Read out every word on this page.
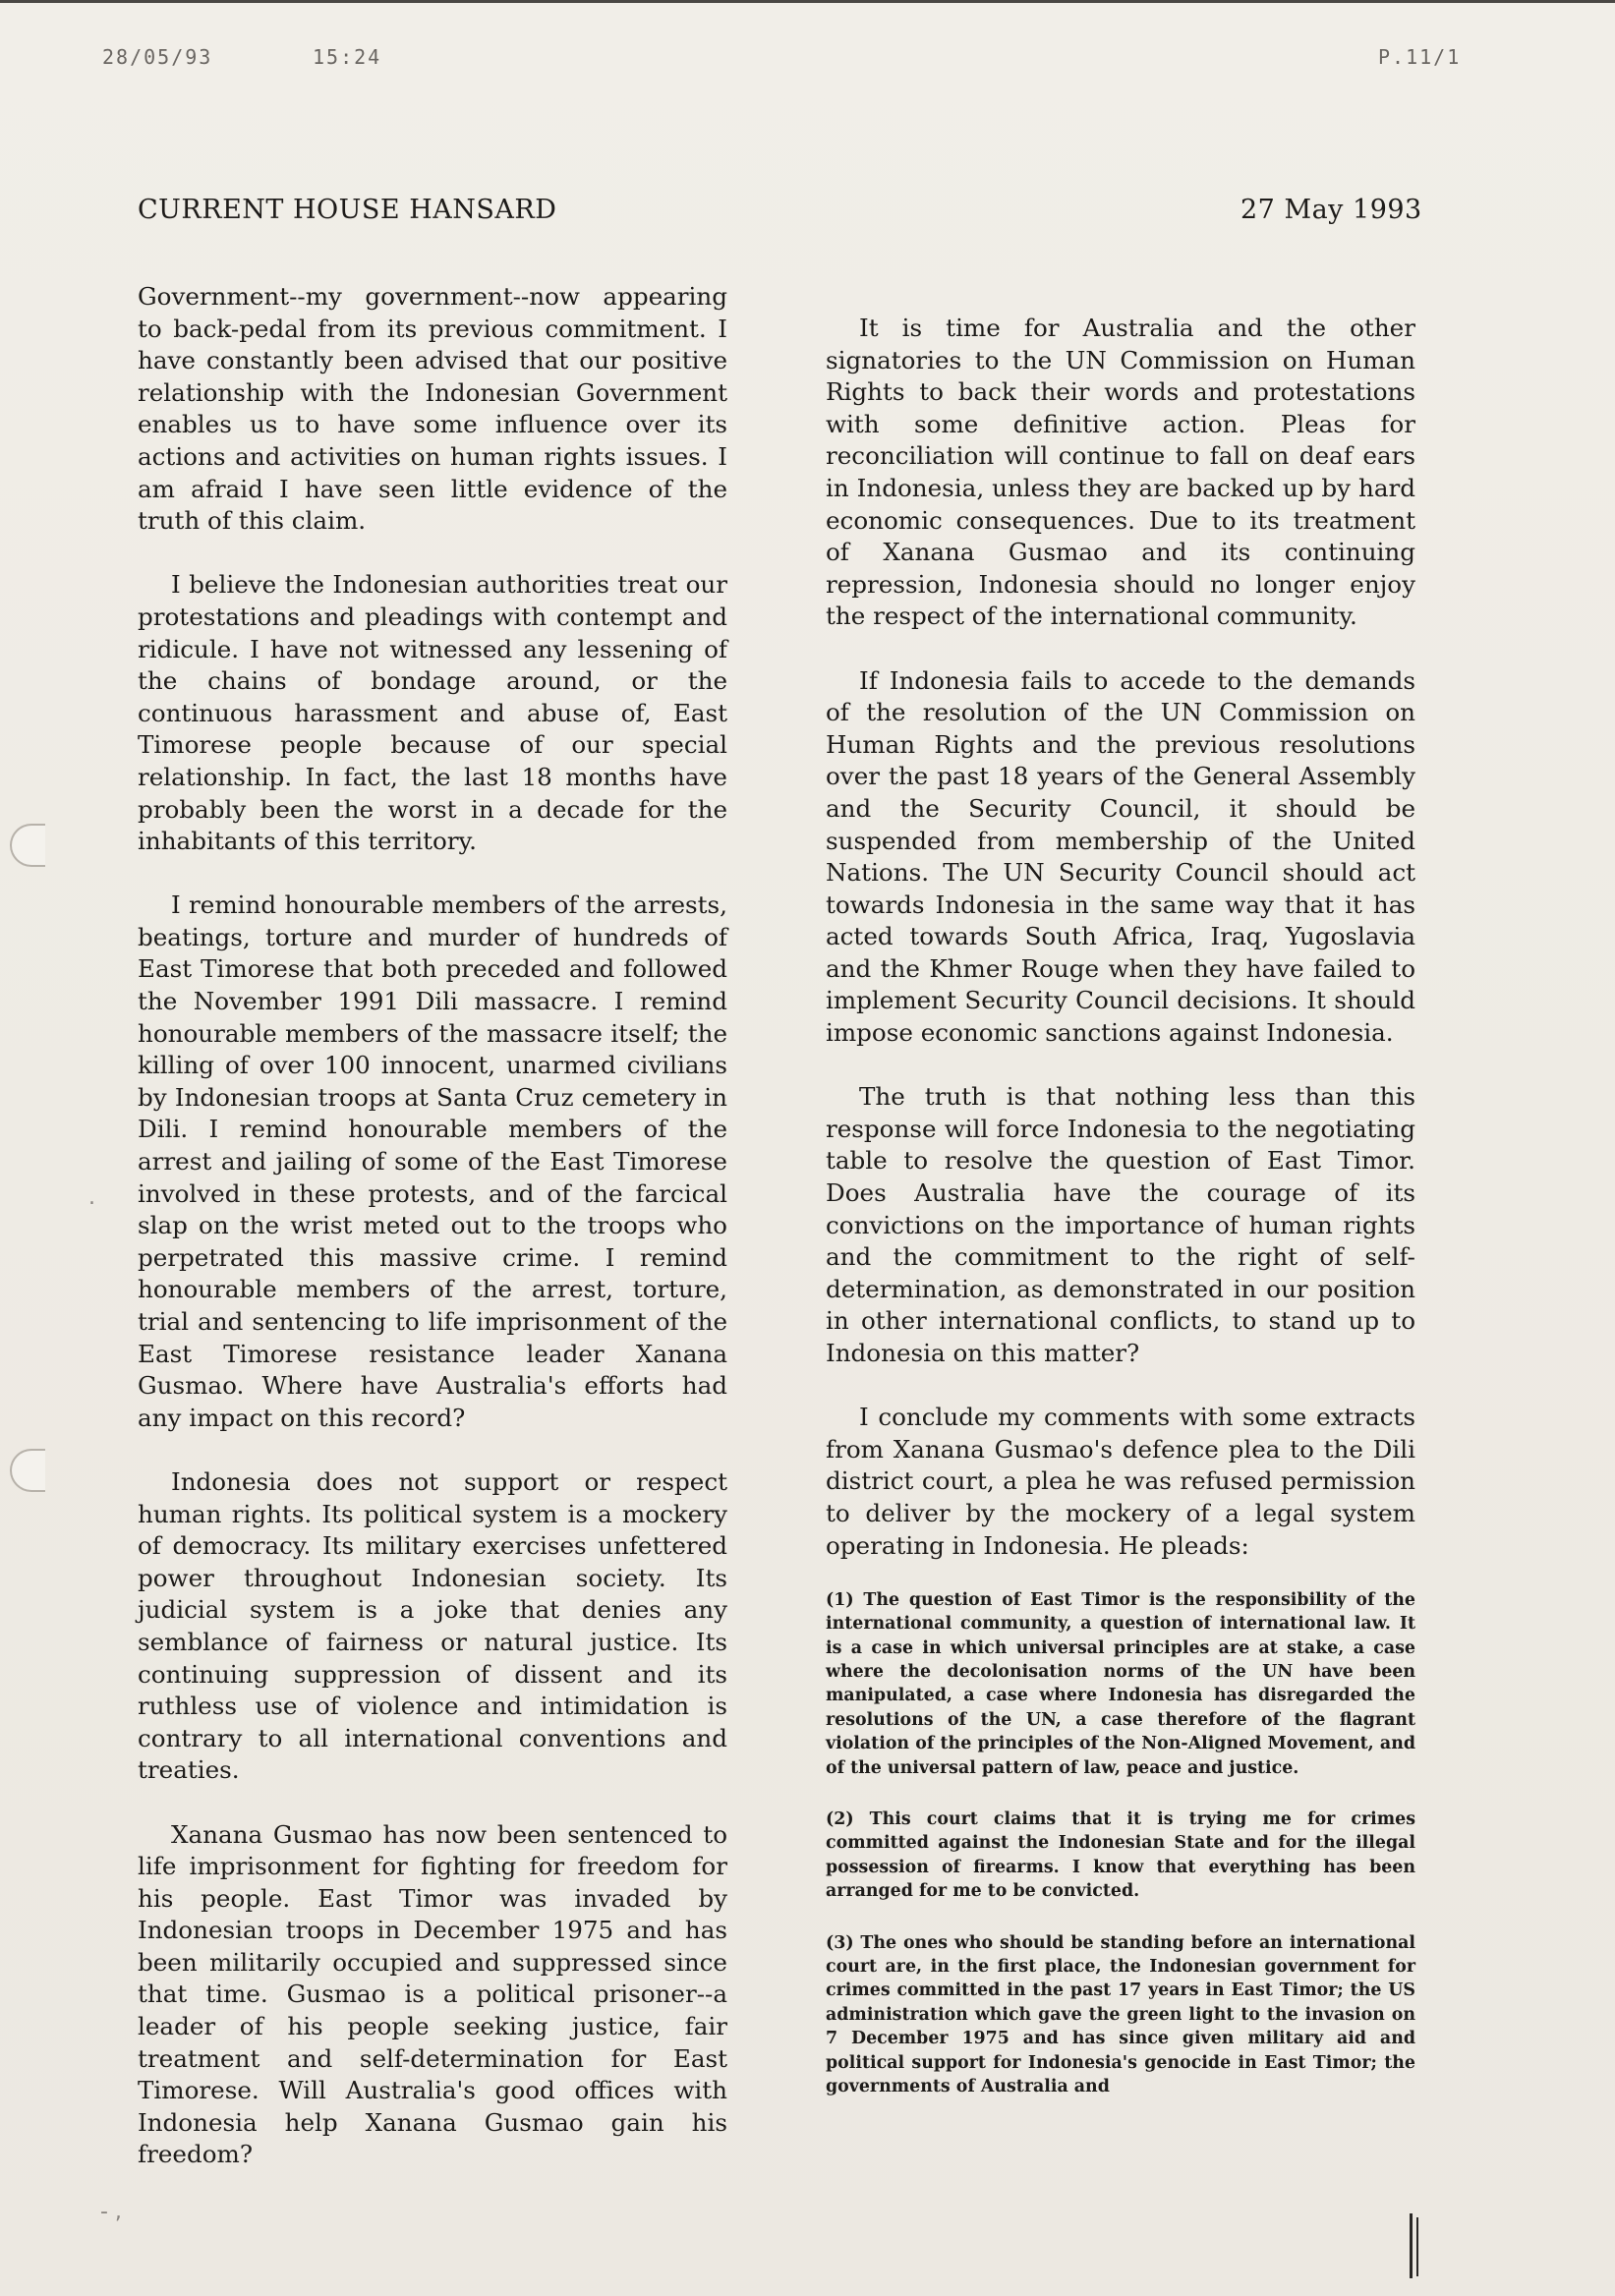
28/05/93	15:24	P.11/1
CURRENT HOUSE HANSARD	27 May 1993

Government--my government--now appearing to back-pedal from its previous commitment. I have constantly been advised that our positive relationship with the Indonesian Government enables us to have some influence over its actions and activities on human rights issues. I am afraid I have seen little evidence of the truth of this claim.

I believe the Indonesian authorities treat our protestations and pleadings with contempt and ridicule. I have not witnessed any lessening of the chains of bondage around, or the continuous harassment and abuse of, East Timorese people because of our special relationship. In fact, the last 18 months have probably been the worst in a decade for the inhabitants of this territory.

I remind honourable members of the arrests, beatings, torture and murder of hundreds of East Timorese that both preceded and followed the November 1991 Dili massacre. I remind honourable members of the massacre itself; the killing of over 100 innocent, unarmed civilians by Indonesian troops at Santa Cruz cemetery in Dili. I remind honourable members of the arrest and jailing of some of the East Timorese involved in these protests, and of the farcical slap on the wrist meted out to the troops who perpetrated this massive crime. I remind honourable members of the arrest, torture, trial and sentencing to life imprisonment of the East Timorese resistance leader Xanana Gusmao. Where have Australia's efforts had any impact on this record?

Indonesia does not support or respect human rights. Its political system is a mockery of democracy. Its military exercises unfettered power throughout Indonesian society. Its judicial system is a joke that denies any semblance of fairness or natural justice. Its continuing suppression of dissent and its ruthless use of violence and intimidation is contrary to all international conventions and treaties.

Xanana Gusmao has now been sentenced to life imprisonment for fighting for freedom for his people. East Timor was invaded by Indonesian troops in December 1975 and has been militarily occupied and suppressed since that time. Gusmao is a political prisoner--a leader of his people seeking justice, fair treatment and self-determination for East Timorese. Will Australia's good offices with Indonesia help Xanana Gusmao gain his freedom?

It is time for Australia and the other signatories to the UN Commission on Human Rights to back their words and protestations with some definitive action. Pleas for reconciliation will continue to fall on deaf ears in Indonesia, unless they are backed up by hard economic consequences. Due to its treatment of Xanana Gusmao and its continuing repression, Indonesia should no longer enjoy the respect of the international community.

If Indonesia fails to accede to the demands of the resolution of the UN Commission on Human Rights and the previous resolutions over the past 18 years of the General Assembly and the Security Council, it should be suspended from membership of the United Nations. The UN Security Council should act towards Indonesia in the same way that it has acted towards South Africa, Iraq, Yugoslavia and the Khmer Rouge when they have failed to implement Security Council decisions. It should impose economic sanctions against Indonesia.

The truth is that nothing less than this response will force Indonesia to the negotiating table to resolve the question of East Timor. Does Australia have the courage of its convictions on the importance of human rights and the commitment to the right of self-determination, as demonstrated in our position in other international conflicts, to stand up to Indonesia on this matter?

I conclude my comments with some extracts from Xanana Gusmao's defence plea to the Dili district court, a plea he was refused permission to deliver by the mockery of a legal system operating in Indonesia. He pleads:

(1) The question of East Timor is the responsibility of the international community, a question of international law. It is a case in which universal principles are at stake, a case where the decolonisation norms of the UN have been manipulated, a case where Indonesia has disregarded the resolutions of the UN, a case therefore of the flagrant violation of the principles of the Non-Aligned Movement, and of the universal pattern of law, peace and justice.
(2) This court claims that it is trying me for crimes committed against the Indonesian State and for the illegal possession of firearms. I know that everything has been arranged for me to be convicted.
(3) The ones who should be standing before an international court are, in the first place, the Indonesian government for crimes committed in the past 17 years in East Timor; the US administration which gave the green light to the invasion on 7 December 1975 and has since given military aid and political support for Indonesia's genocide in East Timor; the governments of Australia and
- ,
.
